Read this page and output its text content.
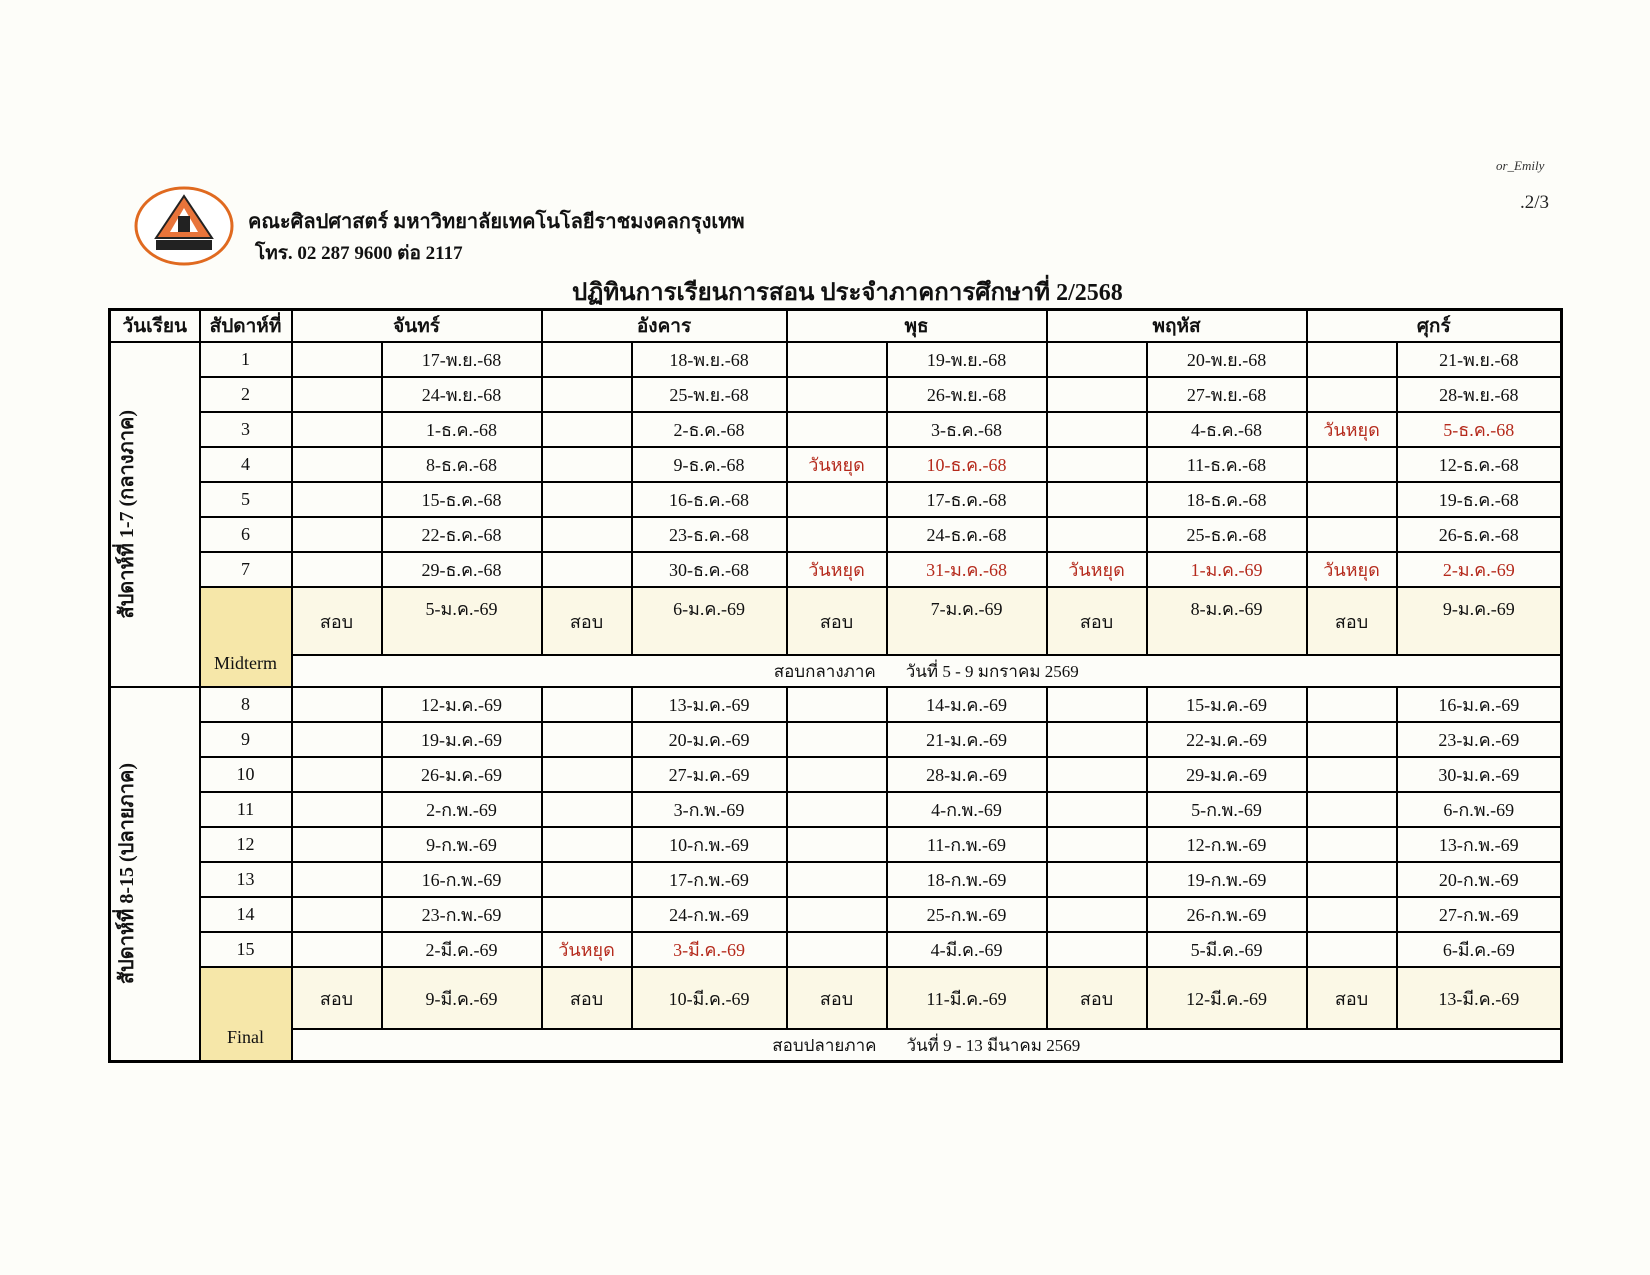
or_Emily
.2/3
คณะศิลปศาสตร์ มหาวิทยาลัยเทคโนโลยีราชมงคลกรุงเทพ
โทร. 02 287 9600 ต่อ 2117
ปฏิทินการเรียนการสอน ประจำภาคการศึกษาที่ 2/2568
วันเรียน	สัปดาห์ที่	จันทร์		อังคาร		พุธ		พฤหัส		ศุกร์	

สัปดาห์ที่ 1-7 (กลางภาค)	1		17-พ.ย.-68		18-พ.ย.-68		19-พ.ย.-68		20-พ.ย.-68		21-พ.ย.-68
	2		24-พ.ย.-68		25-พ.ย.-68		26-พ.ย.-68		27-พ.ย.-68		28-พ.ย.-68
	3		1-ธ.ค.-68		2-ธ.ค.-68		3-ธ.ค.-68		4-ธ.ค.-68	วันหยุด	5-ธ.ค.-68
	4		8-ธ.ค.-68		9-ธ.ค.-68	วันหยุด	10-ธ.ค.-68		11-ธ.ค.-68		12-ธ.ค.-68
	5		15-ธ.ค.-68		16-ธ.ค.-68		17-ธ.ค.-68		18-ธ.ค.-68		19-ธ.ค.-68
	6		22-ธ.ค.-68		23-ธ.ค.-68		24-ธ.ค.-68		25-ธ.ค.-68		26-ธ.ค.-68
	7		29-ธ.ค.-68		30-ธ.ค.-68	วันหยุด	31-ม.ค.-68	วันหยุด	1-ม.ค.-69	วันหยุด	2-ม.ค.-69
	Midterm	สอบ	5-ม.ค.-69	สอบ	6-ม.ค.-69	สอบ	7-ม.ค.-69	สอบ	8-ม.ค.-69	สอบ	9-ม.ค.-69
		สอบกลางภาค วันที่ 5 - 9 มกราคม 2569									

สัปดาห์ที่ 8-15 (ปลายภาค)	8		12-ม.ค.-69		13-ม.ค.-69		14-ม.ค.-69		15-ม.ค.-69		16-ม.ค.-69
	9		19-ม.ค.-69		20-ม.ค.-69		21-ม.ค.-69		22-ม.ค.-69		23-ม.ค.-69
	10		26-ม.ค.-69		27-ม.ค.-69		28-ม.ค.-69		29-ม.ค.-69		30-ม.ค.-69
	11		2-ก.พ.-69		3-ก.พ.-69		4-ก.พ.-69		5-ก.พ.-69		6-ก.พ.-69
	12		9-ก.พ.-69		10-ก.พ.-69		11-ก.พ.-69		12-ก.พ.-69		13-ก.พ.-69
	13		16-ก.พ.-69		17-ก.พ.-69		18-ก.พ.-69		19-ก.พ.-69		20-ก.พ.-69
	14		23-ก.พ.-69		24-ก.พ.-69		25-ก.พ.-69		26-ก.พ.-69		27-ก.พ.-69
	15		2-มี.ค.-69	วันหยุด	3-มี.ค.-69		4-มี.ค.-69		5-มี.ค.-69		6-มี.ค.-69
	Final	สอบ	9-มี.ค.-69	สอบ	10-มี.ค.-69	สอบ	11-มี.ค.-69	สอบ	12-มี.ค.-69	สอบ	13-มี.ค.-69
		สอบปลายภาค วันที่ 9 - 13 มีนาคม 2569									
